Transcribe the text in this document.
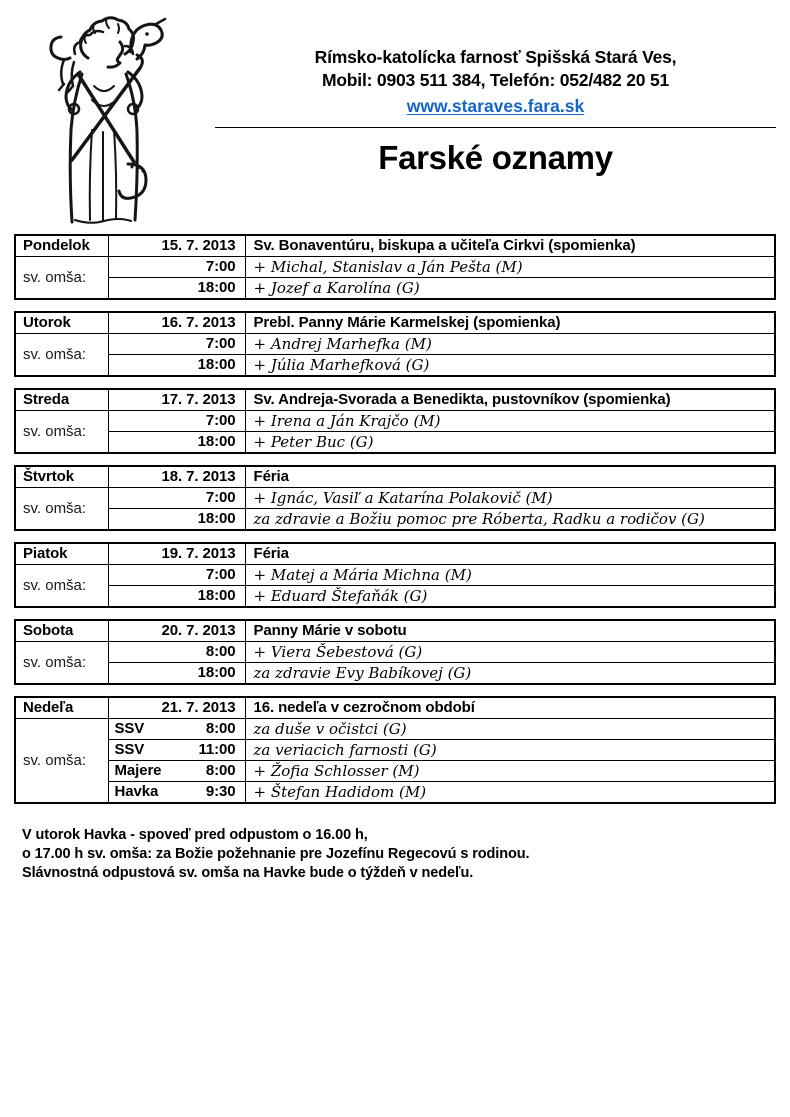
Rímsko-katolícka farnosť Spišská Stará Ves,
Mobil: 0903 511 384, Telefón: 052/482 20 51
www.staraves.fara.sk
Farské oznamy
Pondelok	15. 7. 2013	Sv. Bonaventúru, biskupa a učiteľa Cirkvi (spomienka)
sv. omša:	7:00	+ Michal, Stanislav a Ján Pešta (M)

	18:00	+ Jozef a Karolína (G)
Utorok	16. 7. 2013	Prebl. Panny Márie Karmelskej (spomienka)
sv. omša:	7:00	+ Andrej Marhefka (M)

	18:00	+ Júlia Marhefková (G)
Streda	17. 7. 2013	Sv. Andreja-Svorada a Benedikta, pustovníkov (spomienka)
sv. omša:	7:00	+ Irena a Ján Krajčo (M)

	18:00	+ Peter Buc (G)
Štvrtok	18. 7. 2013	Féria
sv. omša:	7:00	+ Ignác, Vasiľ a Katarína Polakovič (M)

	18:00	za zdravie a Božiu pomoc pre Róberta, Radku a rodičov (G)
Piatok	19. 7. 2013	Féria
sv. omša:	7:00	+ Matej a Mária Michna (M)

	18:00	+ Eduard Štefaňák (G)
Sobota	20. 7. 2013	Panny Márie v sobotu
sv. omša:	8:00	+ Viera Šebestová (G)

	18:00	za zdravie Evy Babíkovej (G)
Nedeľa	21. 7. 2013	16. nedeľa v cezročnom období
sv. omša:	SSV 8:00	za duše v očistci (G)

	SSV 11:00	za veriacich farnosti (G)

	Majere 8:00	+ Žofia Schlosser (M)

	Havka 9:30	+ Štefan Hadidom (M)
V utorok Havka - spoveď pred odpustom o 16.00 h,
o 17.00 h sv. omša: za Božie požehnanie pre Jozefínu Regecovú s rodinou.
Slávnostná odpustová sv. omša na Havke bude o týždeň v nedeľu.
